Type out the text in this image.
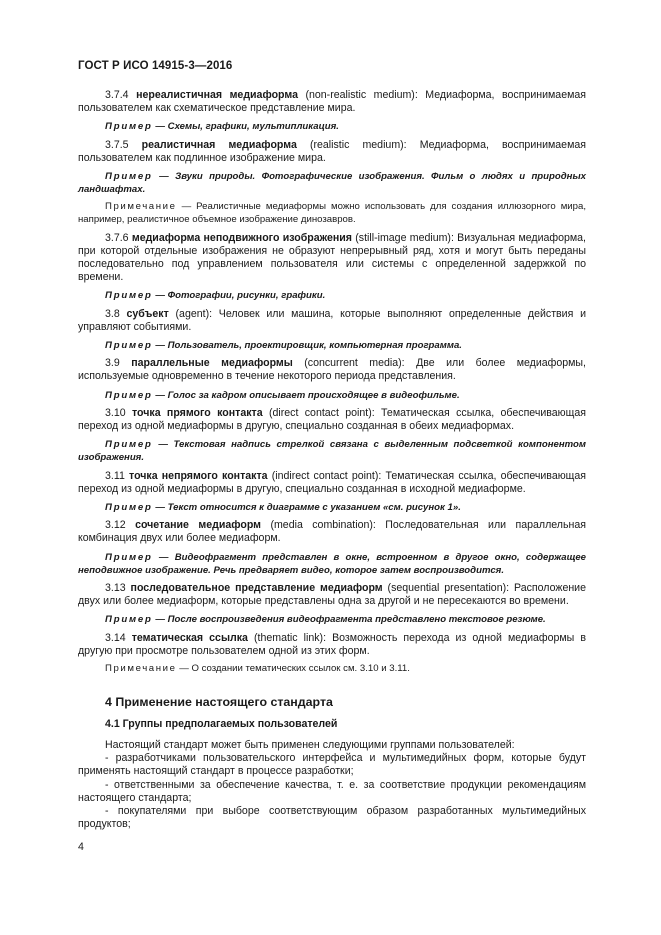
ГОСТ Р ИСО 14915-3—2016

3.7.4 нереалистичная медиаформа (non-realistic medium): Медиаформа, воспринимаемая пользователем как схематическое представление мира.

Пример — Схемы, графики, мультипликация.

3.7.5 реалистичная медиаформа (realistic medium): Медиаформа, воспринимаемая пользователем как подлинное изображение мира.

Пример — Звуки природы. Фотографические изображения. Фильм о людях и природных ландшафтах.

Примечание — Реалистичные медиаформы можно использовать для создания иллюзорного мира, например, реалистичное объемное изображение динозавров.

3.7.6 медиаформа неподвижного изображения (still-image medium): Визуальная медиаформа, при которой отдельные изображения не образуют непрерывный ряд, хотя и могут быть переданы последовательно под управлением пользователя или системы с определенной задержкой по времени.

Пример — Фотографии, рисунки, графики.

3.8 субъект (agent): Человек или машина, которые выполняют определенные действия и управляют событиями.

Пример — Пользователь, проектировщик, компьютерная программа.

3.9 параллельные медиаформы (concurrent media): Две или более медиаформы, используемые одновременно в течение некоторого периода представления.

Пример — Голос за кадром описывает происходящее в видеофильме.

3.10 точка прямого контакта (direct contact point): Тематическая ссылка, обеспечивающая переход из одной медиаформы в другую, специально созданная в обеих медиаформах.

Пример — Текстовая надпись стрелкой связана с выделенным подсветкой компонентом изображения.

3.11 точка непрямого контакта (indirect contact point): Тематическая ссылка, обеспечивающая переход из одной медиаформы в другую, специально созданная в исходной медиаформе.

Пример — Текст относится к диаграмме с указанием «см. рисунок 1».

3.12 сочетание медиаформ (media combination): Последовательная или параллельная комбинация двух или более медиаформ.

Пример — Видеофрагмент представлен в окне, встроенном в другое окно, содержащее неподвижное изображение. Речь предваряет видео, которое затем воспроизводится.

3.13 последовательное представление медиаформ (sequential presentation): Расположение двух или более медиаформ, которые представлены одна за другой и не пересекаются во времени.

Пример — После воспроизведения видеофрагмента представлено текстовое резюме.

3.14 тематическая ссылка (thematic link): Возможность перехода из одной медиаформы в другую при просмотре пользователем одной из этих форм.

Примечание — О создании тематических ссылок см. 3.10 и 3.11.

4 Применение настоящего стандарта

4.1 Группы предполагаемых пользователей

Настоящий стандарт может быть применен следующими группами пользователей:

- разработчиками пользовательского интерфейса и мультимедийных форм, которые будут применять настоящий стандарт в процессе разработки;

- ответственными за обеспечение качества, т. е. за соответствие продукции рекомендациям настоящего стандарта;

- покупателями при выборе соответствующим образом разработанных мультимедийных продуктов;

4
